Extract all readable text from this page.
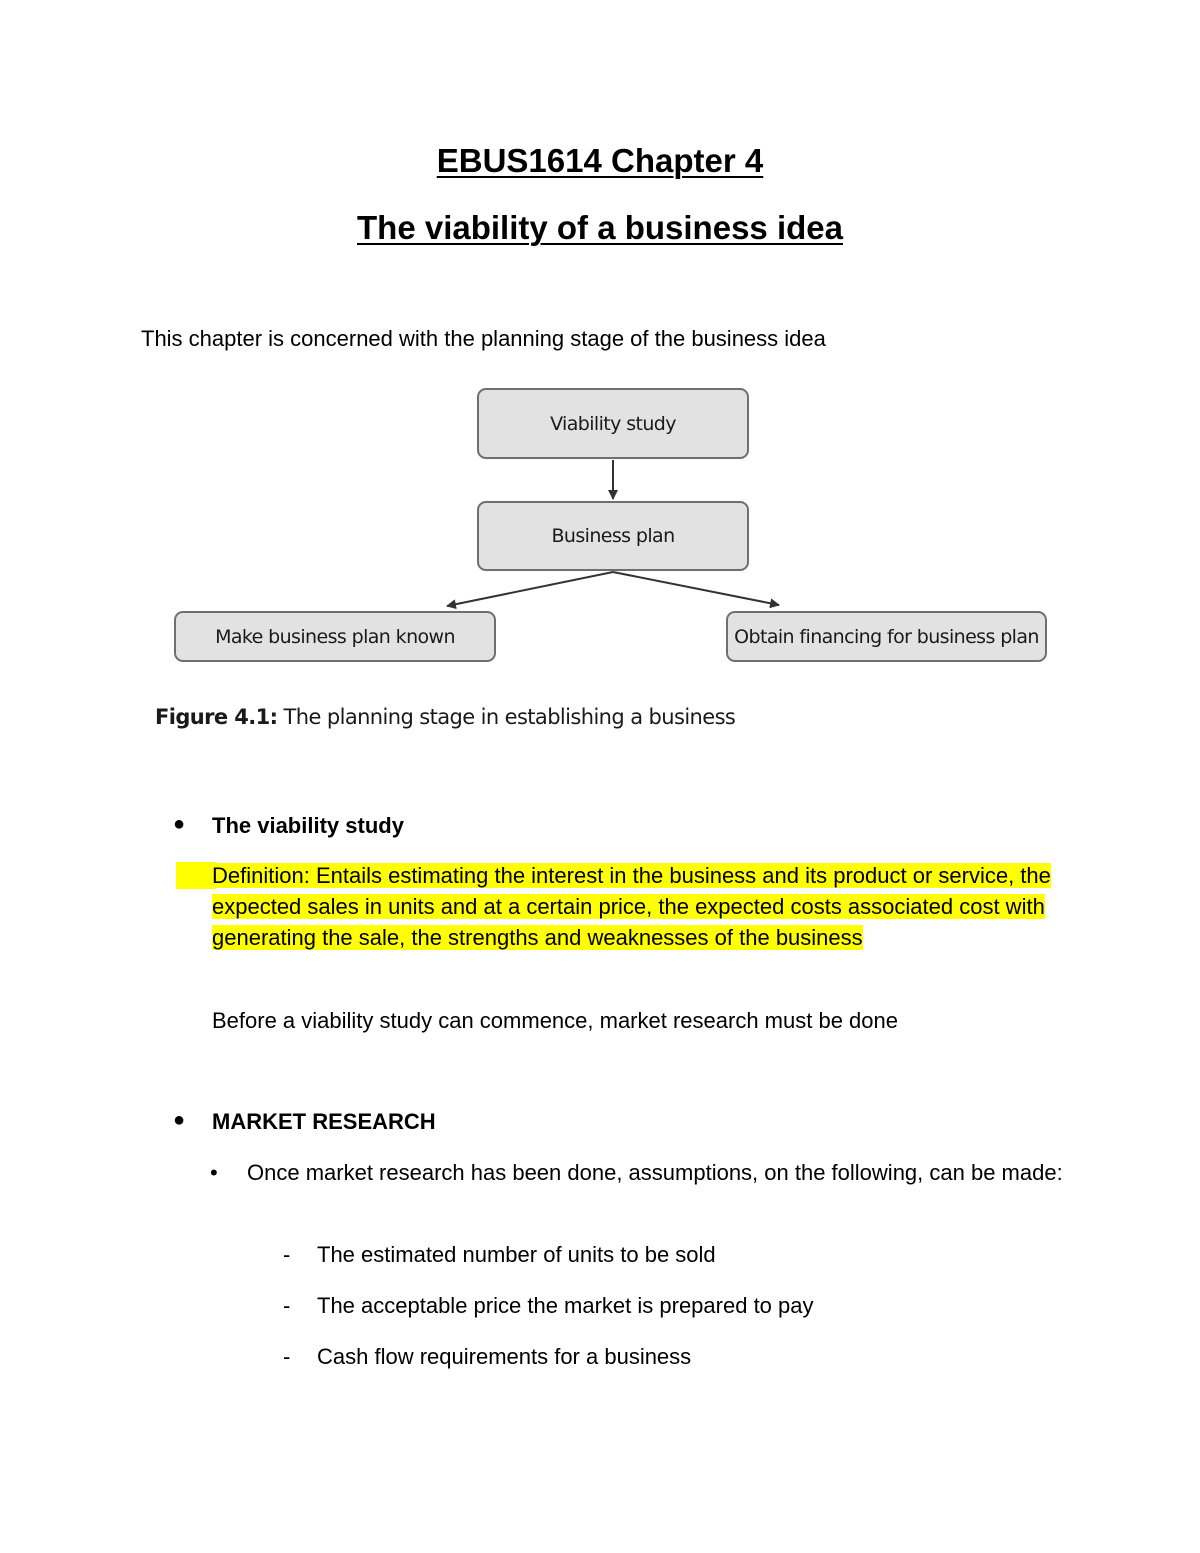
EBUS1614 Chapter 4
The viability of a business idea

This chapter is concerned with the planning stage of the business idea

Viability study
Business plan
Make business plan known	Obtain financing for business plan
Figure 4.1: The planning stage in establishing a business
● The viability study

Definition: Entails estimating the interest in the business and its product or service, the expected sales in units and at a certain price, the expected costs associated cost with generating the sale, the strengths and weaknesses of the business

Before a viability study can commence, market research must be done

● MARKET RESEARCH
• Once market research has been done, assumptions, on the following, can be made:

- The estimated number of units to be sold
- The acceptable price the market is prepared to pay
- Cash flow requirements for a business
